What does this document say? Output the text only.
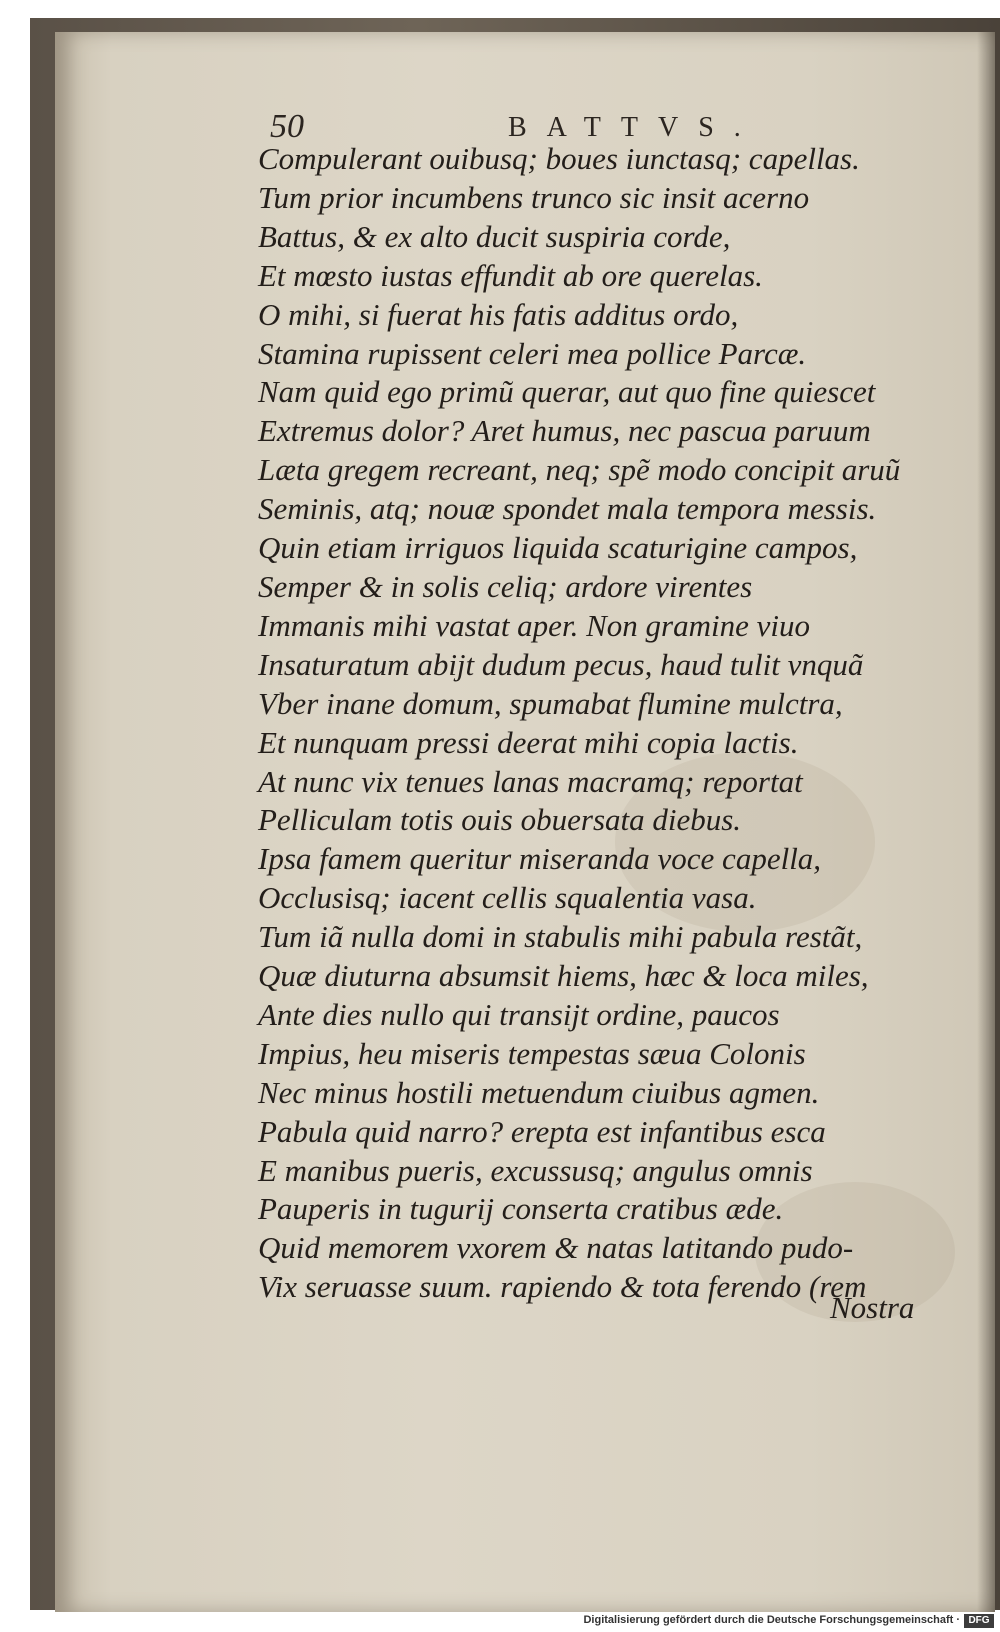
50	BATTVS.
Compulerant ouibusq; boues iunctasq; capellas.
Tum prior incumbens trunco sic insit acerno
Battus, & ex alto ducit suspiria corde,
Et mœsto iustas effundit ab ore querelas.
O mihi, si fuerat his fatis additus ordo,
Stamina rupissent celeri mea pollice Parcæ.
Nam quid ego primũ querar, aut quo fine quiescet
Extremus dolor? Aret humus, nec pascua paruum
Læta gregem recreant, neq; spẽ modo concipit aruũ
Seminis, atq; nouæ spondet mala tempora messis.
Quin etiam irriguos liquida scaturigine campos,
Semper & in solis celiq; ardore virentes
Immanis mihi vastat aper. Non gramine viuo
Insaturatum abijt dudum pecus, haud tulit vnquã
Vber inane domum, spumabat flumine mulctra,
Et nunquam pressi deerat mihi copia lactis.
At nunc vix tenues lanas macramq; reportat
Pelliculam totis ouis obuersata diebus.
Ipsa famem queritur miseranda voce capella,
Occlusisq; iacent cellis squalentia vasa.
Tum iã nulla domi in stabulis mihi pabula restãt,
Quæ diuturna absumsit hiems, hæc & loca miles,
Ante dies nullo qui transijt ordine, paucos
Impius, heu miseris tempestas sæua Colonis
Nec minus hostili metuendum ciuibus agmen.
Pabula quid narro? erepta est infantibus esca
E manibus pueris, excussusq; angulus omnis
Pauperis in tugurij conserta cratibus æde.
Quid memorem vxorem & natas latitando pudo-
Vix seruasse suum. rapiendo & tota ferendo (rem
Nostra
Digitalisierung gefördert durch die Deutsche Forschungsgemeinschaft · DFG
